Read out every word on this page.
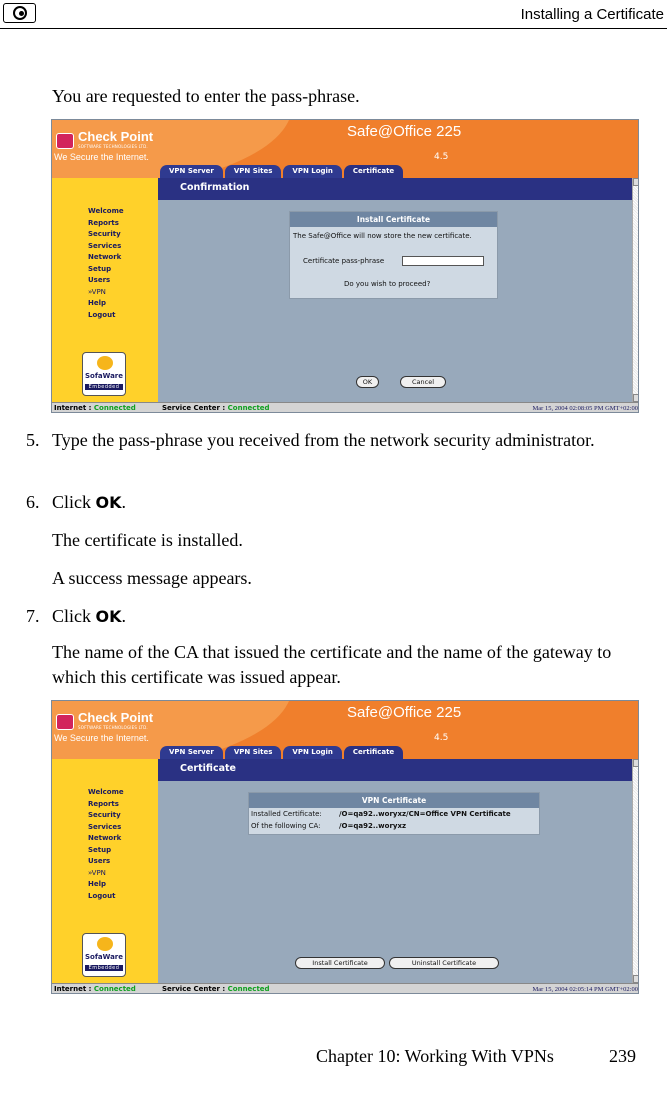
Installing a Certificate
You are requested to enter the pass-phrase.
Check Point
SOFTWARE TECHNOLOGIES LTD.
We Secure the Internet.
Safe@Office 225
4.5
VPN Server	VPN Sites	VPN Login	Certificate
Welcome
Reports
Security
Services
Network
Setup
Users
»VPN
Help
Logout
SofaWare
Embedded
Confirmation
Install Certificate
The Safe@Office will now store the new certificate.
Certificate pass-phrase
Do you wish to proceed?
OK	Cancel
Internet : Connected	Service Center : Connected	Mar 15, 2004 02:08:05 PM GMT+02:00
5. Type the pass-phrase you received from the network security administrator.
6. Click OK.
The certificate is installed.
A success message appears.
7. Click OK.
The name of the CA that issued the certificate and the name of the gateway to which this certificate was issued appear.
Check Point
SOFTWARE TECHNOLOGIES LTD.
We Secure the Internet.
Safe@Office 225
4.5
VPN Server	VPN Sites	VPN Login	Certificate
Welcome
Reports
Security
Services
Network
Setup
Users
»VPN
Help
Logout
SofaWare
Embedded
Certificate
VPN Certificate
Installed Certificate: /O=qa92..woryxz/CN=Office VPN Certificate
Of the following CA:	/O=qa92..woryxz
Install Certificate	Uninstall Certificate
Internet : Connected	Service Center : Connected	Mar 15, 2004 02:05:14 PM GMT+02:00
Chapter 10: Working With VPNs	239
